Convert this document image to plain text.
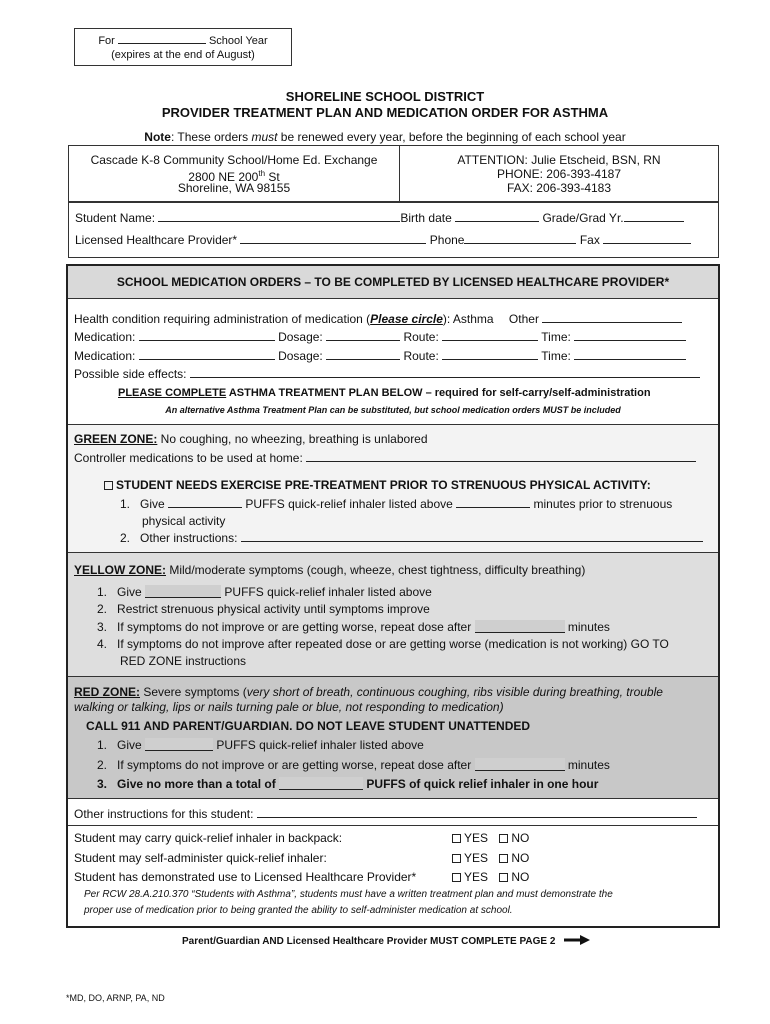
For	School Year
(expires at the end of August)
SHORELINE SCHOOL DISTRICT
PROVIDER TREATMENT PLAN AND MEDICATION ORDER FOR ASTHMA
Note: These orders must be renewed every year, before the beginning of each school year
Cascade K-8 Community School/Home Ed. Exchange
2800 NE 200th St
Shoreline, WA 98155
ATTENTION: Julie Etscheid, BSN, RN
PHONE: 206-393-4187
FAX: 206-393-4183
Student Name:	Birth date	Grade/Grad Yr.
Licensed Healthcare Provider*	Phone	Fax
SCHOOL MEDICATION ORDERS – TO BE COMPLETED BY LICENSED HEALTHCARE PROVIDER*
Health condition requiring administration of medication (Please circle): Asthma Other
Medication:	Dosage:	Route:	Time:
Medication:	Dosage:	Route:	Time:
Possible side effects:
PLEASE COMPLETE ASTHMA TREATMENT PLAN BELOW – required for self-carry/self-administration
An alternative Asthma Treatment Plan can be substituted, but school medication orders MUST be included
GREEN ZONE: No coughing, no wheezing, breathing is unlabored
Controller medications to be used at home:
STUDENT NEEDS EXERCISE PRE-TREATMENT PRIOR TO STRENUOUS PHYSICAL ACTIVITY:
1. Give	PUFFS quick-relief inhaler listed above	minutes prior to strenuous
physical activity
2. Other instructions:
YELLOW ZONE: Mild/moderate symptoms (cough, wheeze, chest tightness, difficulty breathing)
1. Give	PUFFS quick-relief inhaler listed above
2. Restrict strenuous physical activity until symptoms improve
3. If symptoms do not improve or are getting worse, repeat dose after	minutes
4. If symptoms do not improve after repeated dose or are getting worse (medication is not working) GO TO
RED ZONE instructions
RED ZONE: Severe symptoms (very short of breath, continuous coughing, ribs visible during breathing, trouble
walking or talking, lips or nails turning pale or blue, not responding to medication)
CALL 911 AND PARENT/GUARDIAN. DO NOT LEAVE STUDENT UNATTENDED
1. Give	PUFFS quick-relief inhaler listed above
2. If symptoms do not improve or are getting worse, repeat dose after	minutes
3. Give no more than a total of	PUFFS of quick relief inhaler in one hour
Other instructions for this student:
Student may carry quick-relief inhaler in backpack:	YES NO
Student may self-administer quick-relief inhaler:	YES NO
Student has demonstrated use to Licensed Healthcare Provider*	YES NO
Per RCW 28.A.210.370 “Students with Asthma”, students must have a written treatment plan and must demonstrate the
proper use of medication prior to being granted the ability to self-administer medication at school.
Parent/Guardian AND Licensed Healthcare Provider MUST COMPLETE PAGE 2
*MD, DO, ARNP, PA, ND
